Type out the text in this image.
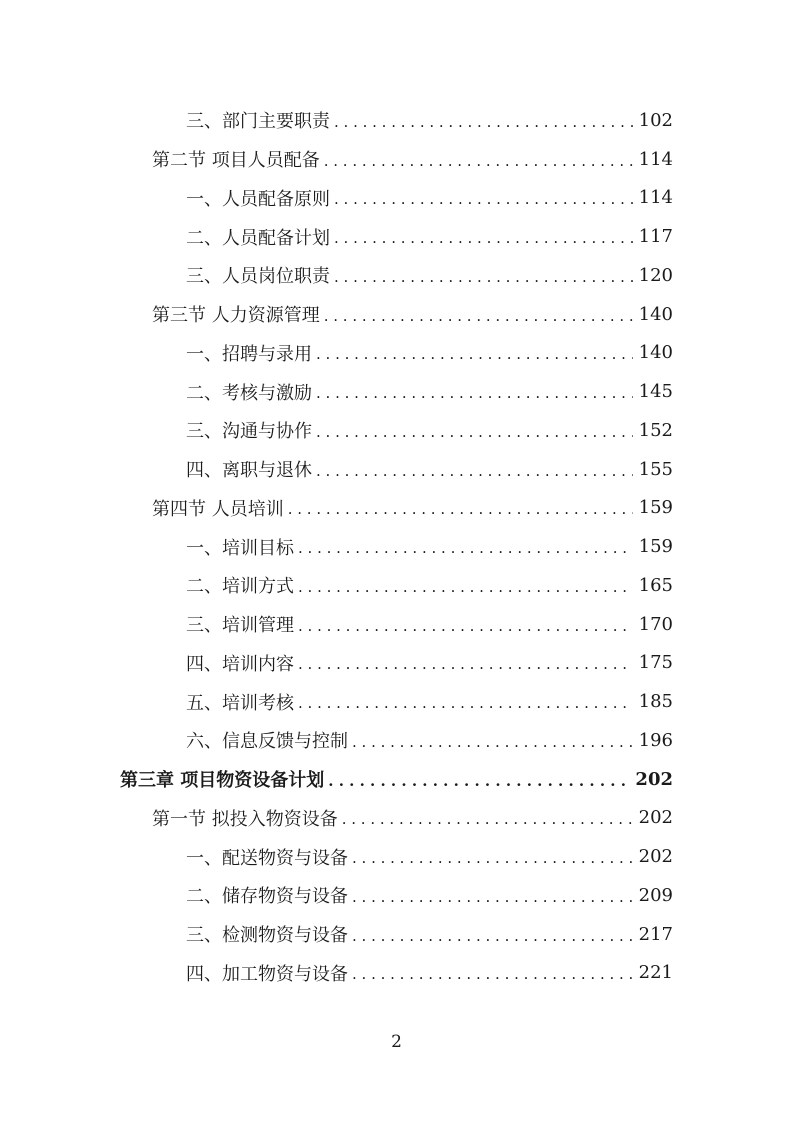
三、部门主要职责 . . .	102
第二节 项目人员配备 . . .	114
一、人员配备原则 . . .	114
二、人员配备计划 . . .	117
三、人员岗位职责 . . .	120
第三节 人力资源管理 . . .	140
一、招聘与录用 . . .	140
二、考核与激励 . . .	145
三、沟通与协作 . . .	152
四、离职与退休 . . .	155
第四节 人员培训 . . .	159
一、培训目标 . . .	159
二、培训方式 . . .	165
三、培训管理 . . .	170
四、培训内容 . . .	175
五、培训考核 . . .	185
六、信息反馈与控制 . . .	196
第三章 项目物资设备计划 . . .	202
第一节 拟投入物资设备 . . .	202
一、配送物资与设备 . . .	202
二、储存物资与设备 . . .	209
三、检测物资与设备 . . .	217
四、加工物资与设备 . . .	221
2
